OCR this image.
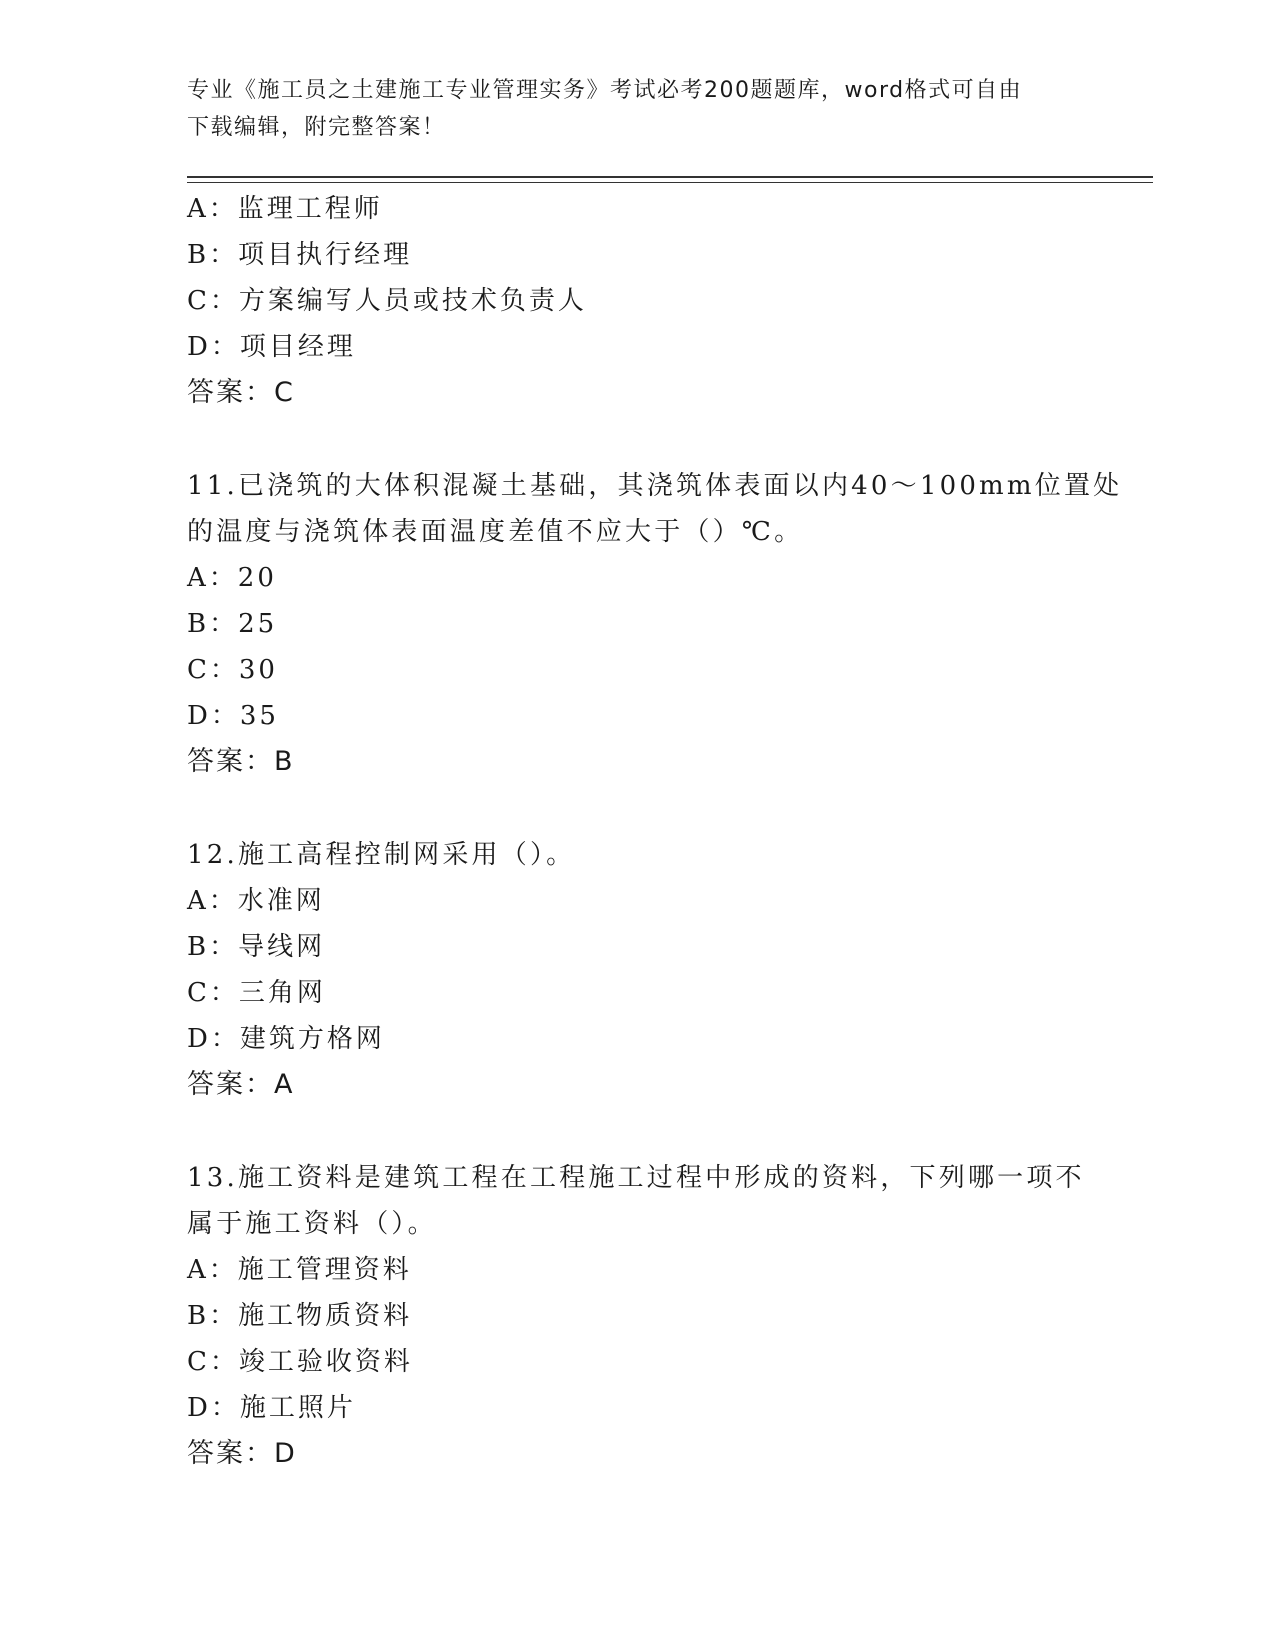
专业《施工员之土建施工专业管理实务》考试必考200题题库，word格式可自由
下载编辑，附完整答案！
A：监理工程师
B：项目执行经理
C：方案编写人员或技术负责人
D：项目经理
答案：C
11.已浇筑的大体积混凝土基础，其浇筑体表面以内40～100mm位置处
的温度与浇筑体表面温度差值不应大于（）℃。
A：20
B：25
C：30
D：35
答案：B
12.施工高程控制网采用（）。
A：水准网
B：导线网
C：三角网
D：建筑方格网
答案：A
13.施工资料是建筑工程在工程施工过程中形成的资料，下列哪一项不
属于施工资料（）。
A：施工管理资料
B：施工物质资料
C：竣工验收资料
D：施工照片
答案：D
